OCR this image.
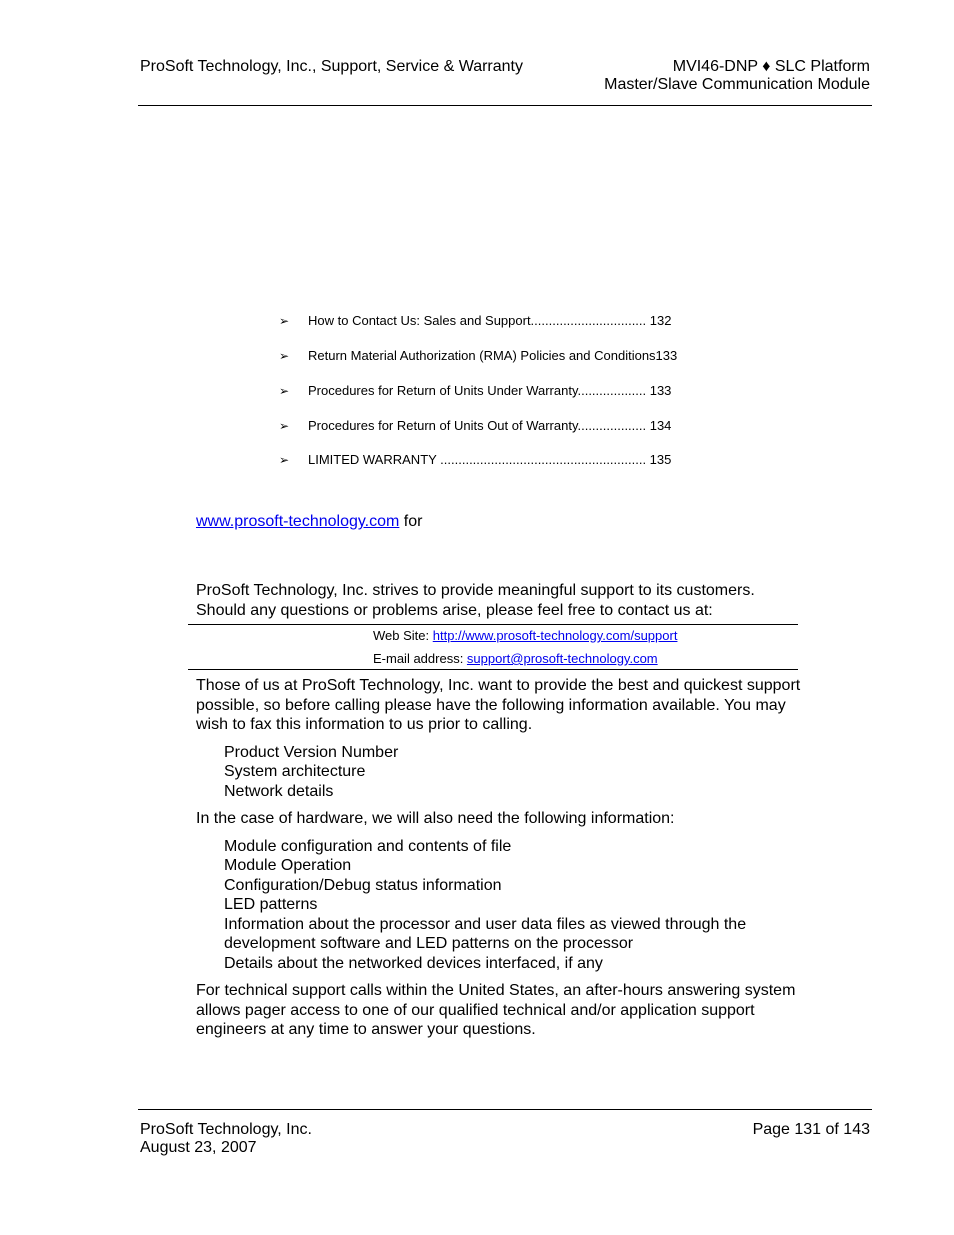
ProSoft Technology, Inc., Support, Service & Warranty	MVI46-DNP ♦ SLC Platform
Master/Slave Communication Module
➢ How to Contact Us: Sales and Support................................ 132
➢ Return Material Authorization (RMA) Policies and Conditions133
➢ Procedures for Return of Units Under Warranty................... 133
➢ Procedures for Return of Units Out of Warranty................... 134
➢ LIMITED WARRANTY ......................................................... 135
www.prosoft-technology.com for
ProSoft Technology, Inc. strives to provide meaningful support to its customers. Should any questions or problems arise, please feel free to contact us at:
Web Site: http://www.prosoft-technology.com/support
E-mail address: support@prosoft-technology.com
Those of us at ProSoft Technology, Inc. want to provide the best and quickest support possible, so before calling please have the following information available. You may wish to fax this information to us prior to calling.
Product Version Number
System architecture
Network details
In the case of hardware, we will also need the following information:
Module configuration and contents of file
Module Operation
Configuration/Debug status information
LED patterns
Information about the processor and user data files as viewed through the development software and LED patterns on the processor
Details about the networked devices interfaced, if any
For technical support calls within the United States, an after-hours answering system allows pager access to one of our qualified technical and/or application support engineers at any time to answer your questions.
ProSoft Technology, Inc.
August 23, 2007
Page 131 of 143
